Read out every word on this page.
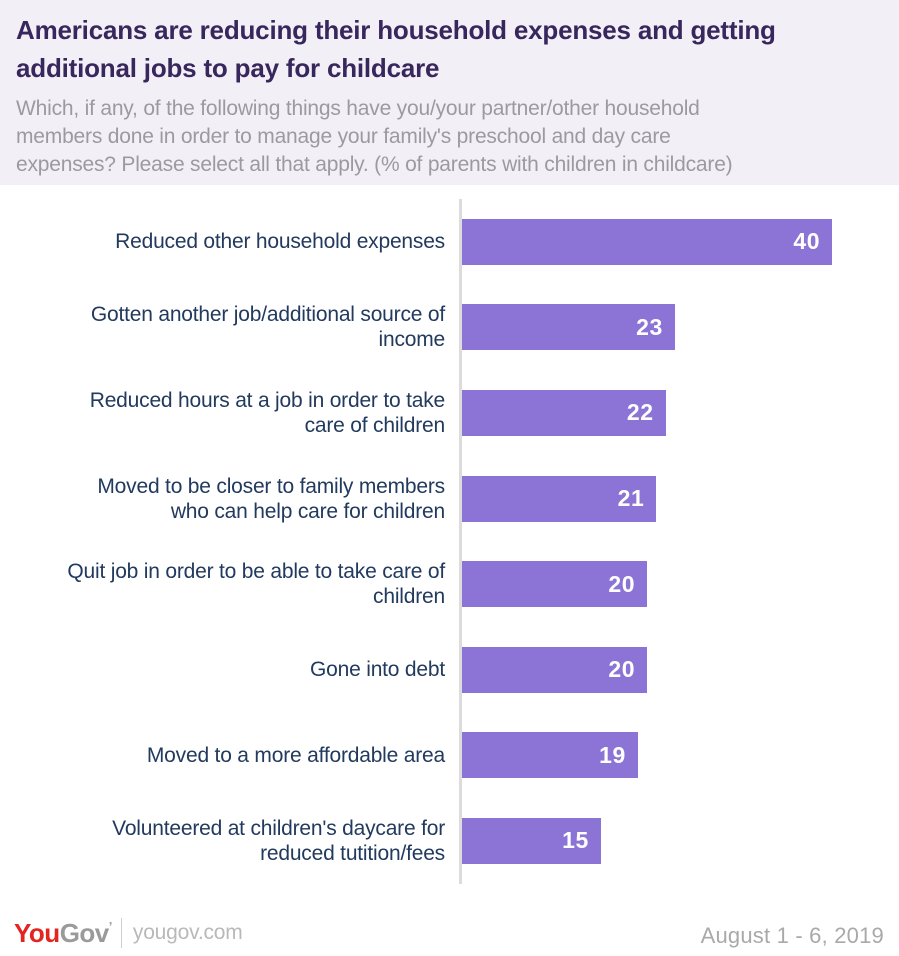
Americans are reducing their household expenses and getting
additional jobs to pay for childcare
Which, if any, of the following things have you/your partner/other household
members done in order to manage your family's preschool and day care
expenses? Please select all that apply. (% of parents with children in childcare)
Reduced other household expenses	40
Gotten another job/additional source of income	23
Reduced hours at a job in order to take care of children	22
Moved to be closer to family members who can help care for children	21
Quit job in order to be able to take care of children	20
Gone into debt	20
Moved to a more affordable area	19
Volunteered at children's daycare for reduced tutition/fees	15
YouGov’ yougov.com	August 1 - 6, 2019
